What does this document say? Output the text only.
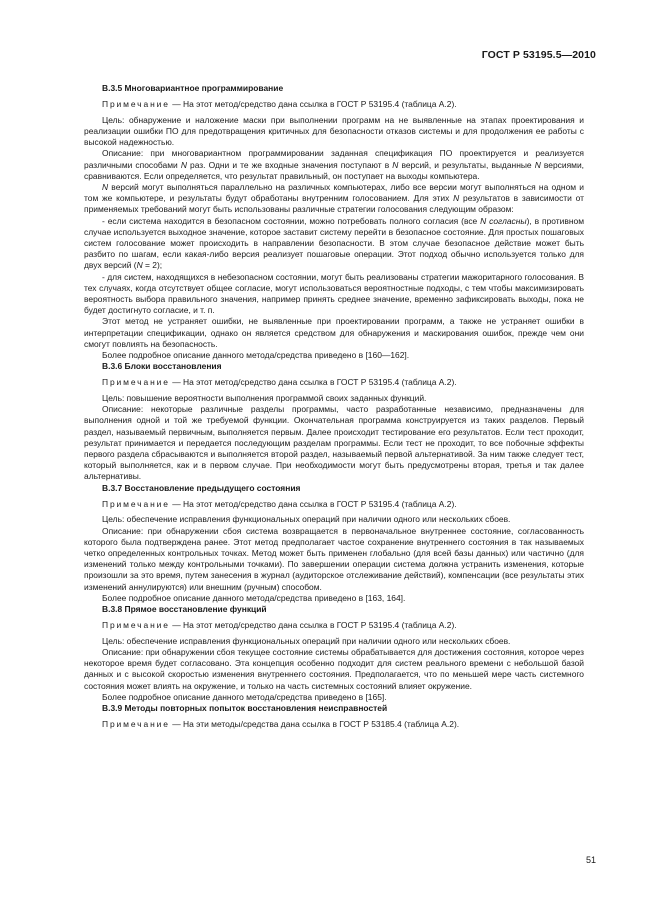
ГОСТ Р 53195.5—2010
В.3.5 Многовариантное программирование

Примечание — На этот метод/средство дана ссылка в ГОСТ Р 53195.4 (таблица А.2).

Цель: обнаружение и наложение маски при выполнении программ на не выявленные на этапах проектирования и реализации ошибки ПО для предотвращения критичных для безопасности отказов системы и для продолжения ее работы с высокой надежностью.

Описание: при многовариантном программировании заданная спецификация ПО проектируется и реализуется различными способами N раз. Одни и те же входные значения поступают в N версий, и результаты, выданные N версиями, сравниваются. Если определяется, что результат правильный, он поступает на выходы компьютера.

N версий могут выполняться параллельно на различных компьютерах, либо все версии могут выполняться на одном и том же компьютере, и результаты будут обработаны внутренним голосованием. Для этих N результатов в зависимости от применяемых требований могут быть использованы различные стратегии голосования следующим образом:

- если система находится в безопасном состоянии, можно потребовать полного согласия (все N согласны), в противном случае используется выходное значение, которое заставит систему перейти в безопасное состояние. Для простых пошаговых систем голосование может происходить в направлении безопасности. В этом случае безопасное действие может быть разбито по шагам, если какая-либо версия реализует пошаговые операции. Этот подход обычно используется только для двух версий (N = 2);

- для систем, находящихся в небезопасном состоянии, могут быть реализованы стратегии мажоритарного голосования. В тех случаях, когда отсутствует общее согласие, могут использоваться вероятностные подходы, с тем чтобы максимизировать вероятность выбора правильного значения, например принять среднее значение, временно зафиксировать выходы, пока не будет достигнуто согласие, и т. п.

Этот метод не устраняет ошибки, не выявленные при проектировании программ, а также не устраняет ошибки в интерпретации спецификации, однако он является средством для обнаружения и маскирования ошибок, прежде чем они смогут повлиять на безопасность.

Более подробное описание данного метода/средства приведено в [160—162].

В.3.6 Блоки восстановления

Примечание — На этот метод/средство дана ссылка в ГОСТ Р 53195.4 (таблица А.2).

Цель: повышение вероятности выполнения программой своих заданных функций.

Описание: некоторые различные разделы программы, часто разработанные независимо, предназначены для выполнения одной и той же требуемой функции. Окончательная программа конструируется из таких разделов. Первый раздел, называемый первичным, выполняется первым. Далее происходит тестирование его результатов. Если тест проходит, результат принимается и передается последующим разделам программы. Если тест не проходит, то все побочные эффекты первого раздела сбрасываются и выполняется второй раздел, называемый первой альтернативой. За ним также следует тест, который выполняется, как и в первом случае. При необходимости могут быть предусмотрены вторая, третья и так далее альтернативы.

В.3.7 Восстановление предыдущего состояния

Примечание — На этот метод/средство дана ссылка в ГОСТ Р 53195.4 (таблица А.2).

Цель: обеспечение исправления функциональных операций при наличии одного или нескольких сбоев.

Описание: при обнаружении сбоя система возвращается в первоначальное внутреннее состояние, согласованность которого была подтверждена ранее. Этот метод предполагает частое сохранение внутреннего состояния в так называемых четко определенных контрольных точках. Метод может быть применен глобально (для всей базы данных) или частично (для изменений только между контрольными точками). По завершении операции система должна устранить изменения, которые произошли за это время, путем занесения в журнал (аудиторское отслеживание действий), компенсации (все результаты этих изменений аннулируются) или внешним (ручным) способом.

Более подробное описание данного метода/средства приведено в [163, 164].

В.3.8 Прямое восстановление функций

Примечание — На этот метод/средство дана ссылка в ГОСТ Р 53195.4 (таблица А.2).

Цель: обеспечение исправления функциональных операций при наличии одного или нескольких сбоев.

Описание: при обнаружении сбоя текущее состояние системы обрабатывается для достижения состояния, которое через некоторое время будет согласовано. Эта концепция особенно подходит для систем реального времени с небольшой базой данных и с высокой скоростью изменения внутреннего состояния. Предполагается, что по меньшей мере часть системного состояния может влиять на окружение, и только на часть системных состояний влияет окружение.

Более подробное описание данного метода/средства приведено в [165].

В.3.9 Методы повторных попыток восстановления неисправностей

Примечание — На эти методы/средства дана ссылка в ГОСТ Р 53185.4 (таблица А.2).

51
